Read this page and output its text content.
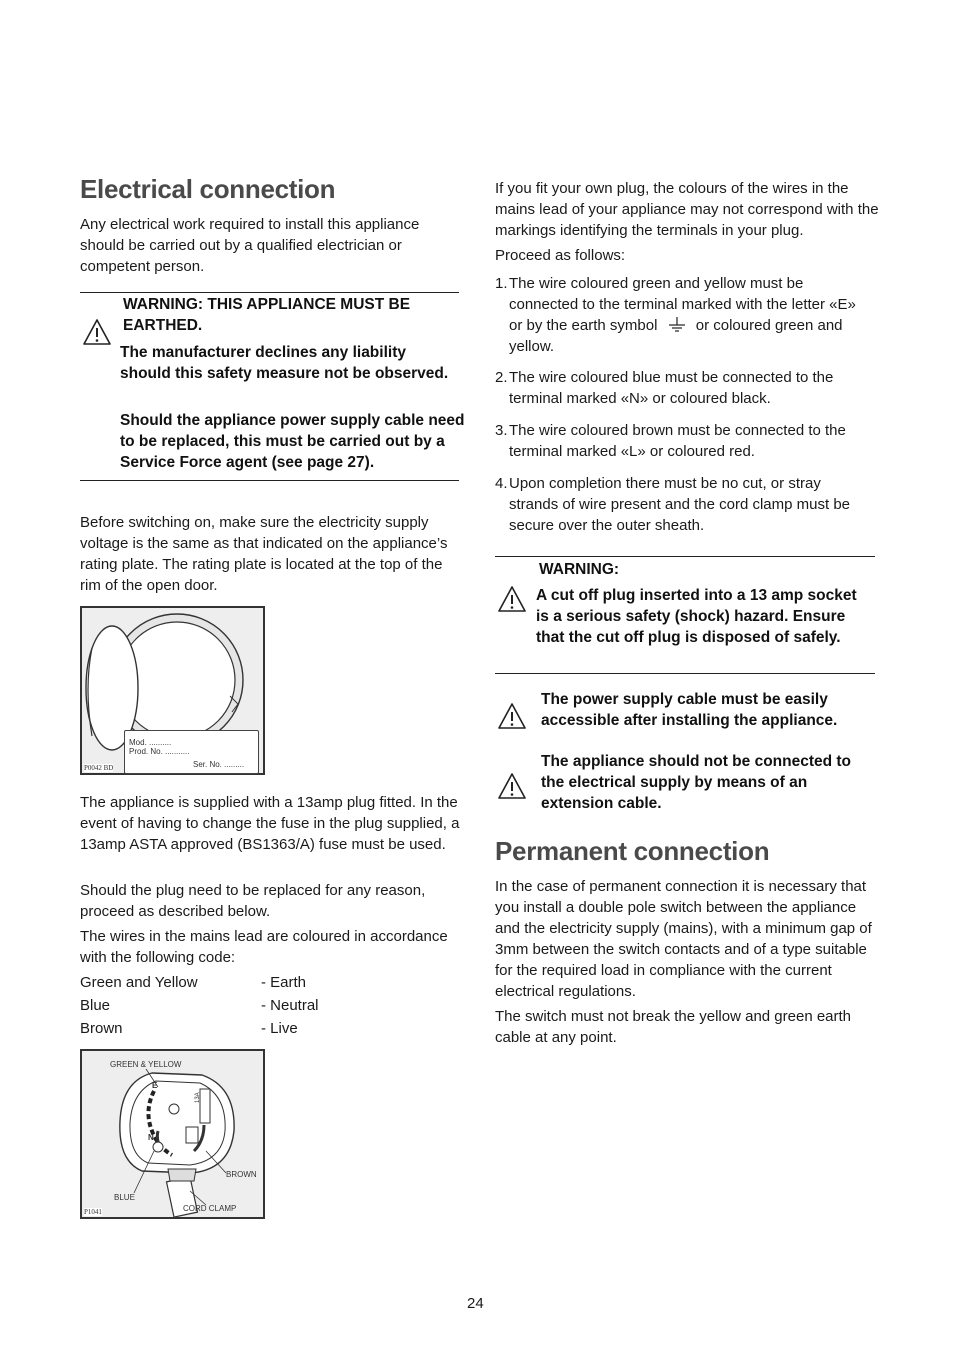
Electrical connection
Any electrical work required to install this appliance should be carried out by a qualified electrician or competent person.
WARNING: THIS APPLIANCE MUST BE EARTHED.
The manufacturer declines any liability should this safety measure not be observed.
Should the appliance power supply cable need to be replaced, this must be carried out by a Service Force agent (see page 27).
Before switching on, make sure the electricity supply voltage is the same as that indicated on the appliance’s rating plate. The rating plate is located at the top of the rim of the open door.
Mod. ..........
Prod. No. ...........
Ser. No. .........
P0042 BD
The appliance is supplied with a 13amp plug fitted. In the event of having to change the fuse in the plug supplied, a 13amp ASTA approved (BS1363/A) fuse must be used.
Should the plug need to be replaced for any reason, proceed as described below.
The wires in the mains lead are coloured in accordance with the following code:
Green and Yellow	- Earth
Blue	- Neutral
Brown	- Live
GREEN & YELLOW
E
N
13A
BROWN
BLUE
CORD CLAMP
P1041
If you fit your own plug, the colours of the wires in the mains lead of your appliance may not correspond with the markings identifying the terminals in your plug.
Proceed as follows:
1. The wire coloured green and yellow must be connected to the terminal marked with the letter «E» or by the earth symbol	or coloured green and yellow.
2. The wire coloured blue must be connected to the terminal marked «N» or coloured black.
3. The wire coloured brown must be connected to the terminal marked «L» or coloured red.
4. Upon completion there must be no cut, or stray strands of wire present and the cord clamp must be secure over the outer sheath.
WARNING:
A cut off plug inserted into a 13 amp socket is a serious safety (shock) hazard. Ensure that the cut off plug is disposed of safely.
The power supply cable must be easily accessible after installing the appliance.
The appliance should not be connected to the electrical supply by means of an extension cable.
Permanent connection
In the case of permanent connection it is necessary that you install a double pole switch between the appliance and the electricity supply (mains), with a minimum gap of 3mm between the switch contacts and of a type suitable for the required load in compliance with the current electrical regulations.
The switch must not break the yellow and green earth cable at any point.
24
